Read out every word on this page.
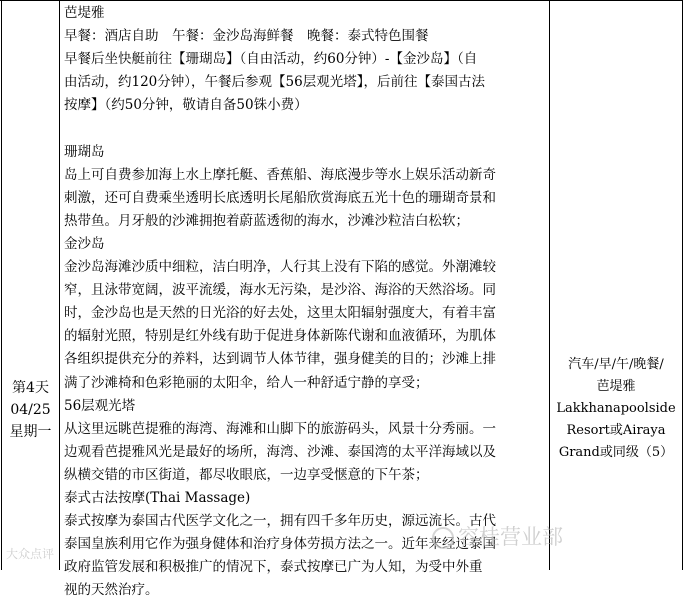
第4天
04/25
星期一

芭堤雅

早餐：酒店自助　午餐：金沙岛海鲜餐　晚餐：泰式特色围餐

早餐后坐快艇前往【珊瑚岛】（自由活动，约60分钟）-【金沙岛】（自

由活动，约120分钟），午餐后参观【56层观光塔】，后前往【泰国古法

按摩】（约50分钟，敬请自备50铢小费）

珊瑚岛

岛上可自费参加海上水上摩托艇、香蕉船、海底漫步等水上娱乐活动新奇

刺激，还可自费乘坐透明长底透明长尾船欣赏海底五光十色的珊瑚奇景和

热带鱼。月牙般的沙滩拥抱着蔚蓝透彻的海水，沙滩沙粒洁白松软；

金沙岛

金沙岛海滩沙质中细粒，洁白明净，人行其上没有下陷的感觉。外潮滩较

窄，且泳带宽阔，波平流缓，海水无污染，是沙浴、海浴的天然浴场。同

时，金沙岛也是天然的日光浴的好去处，这里太阳辐射强度大，有着丰富

的辐射光照，特别是红外线有助于促进身体新陈代谢和血液循环，为肌体

各组织提供充分的养料，达到调节人体节律，强身健美的目的；沙滩上排

满了沙滩椅和色彩艳丽的太阳伞，给人一种舒适宁静的享受；

56层观光塔

从这里远眺芭提雅的海湾、海滩和山脚下的旅游码头，风景十分秀丽。一

边观看芭提雅风光是最好的场所，海湾、沙滩、泰国湾的太平洋海域以及

纵横交错的市区街道，都尽收眼底，一边享受惬意的下午茶；

泰式古法按摩(Thai Massage)

泰式按摩为泰国古代医学文化之一，拥有四千多年历史，源远流长。古代

泰国皇族利用它作为强身健体和治疗身体劳损方法之一。近年来经过泰国

政府监管发展和积极推广的情况下，泰式按摩已广为人知，为受中外重

视的天然治疗。

汽车/早/午/晚餐/
芭堤雅
Lakkhanapoolside
Resort或Airaya
Grand或同级（5）
大众点评
容桂营业部
